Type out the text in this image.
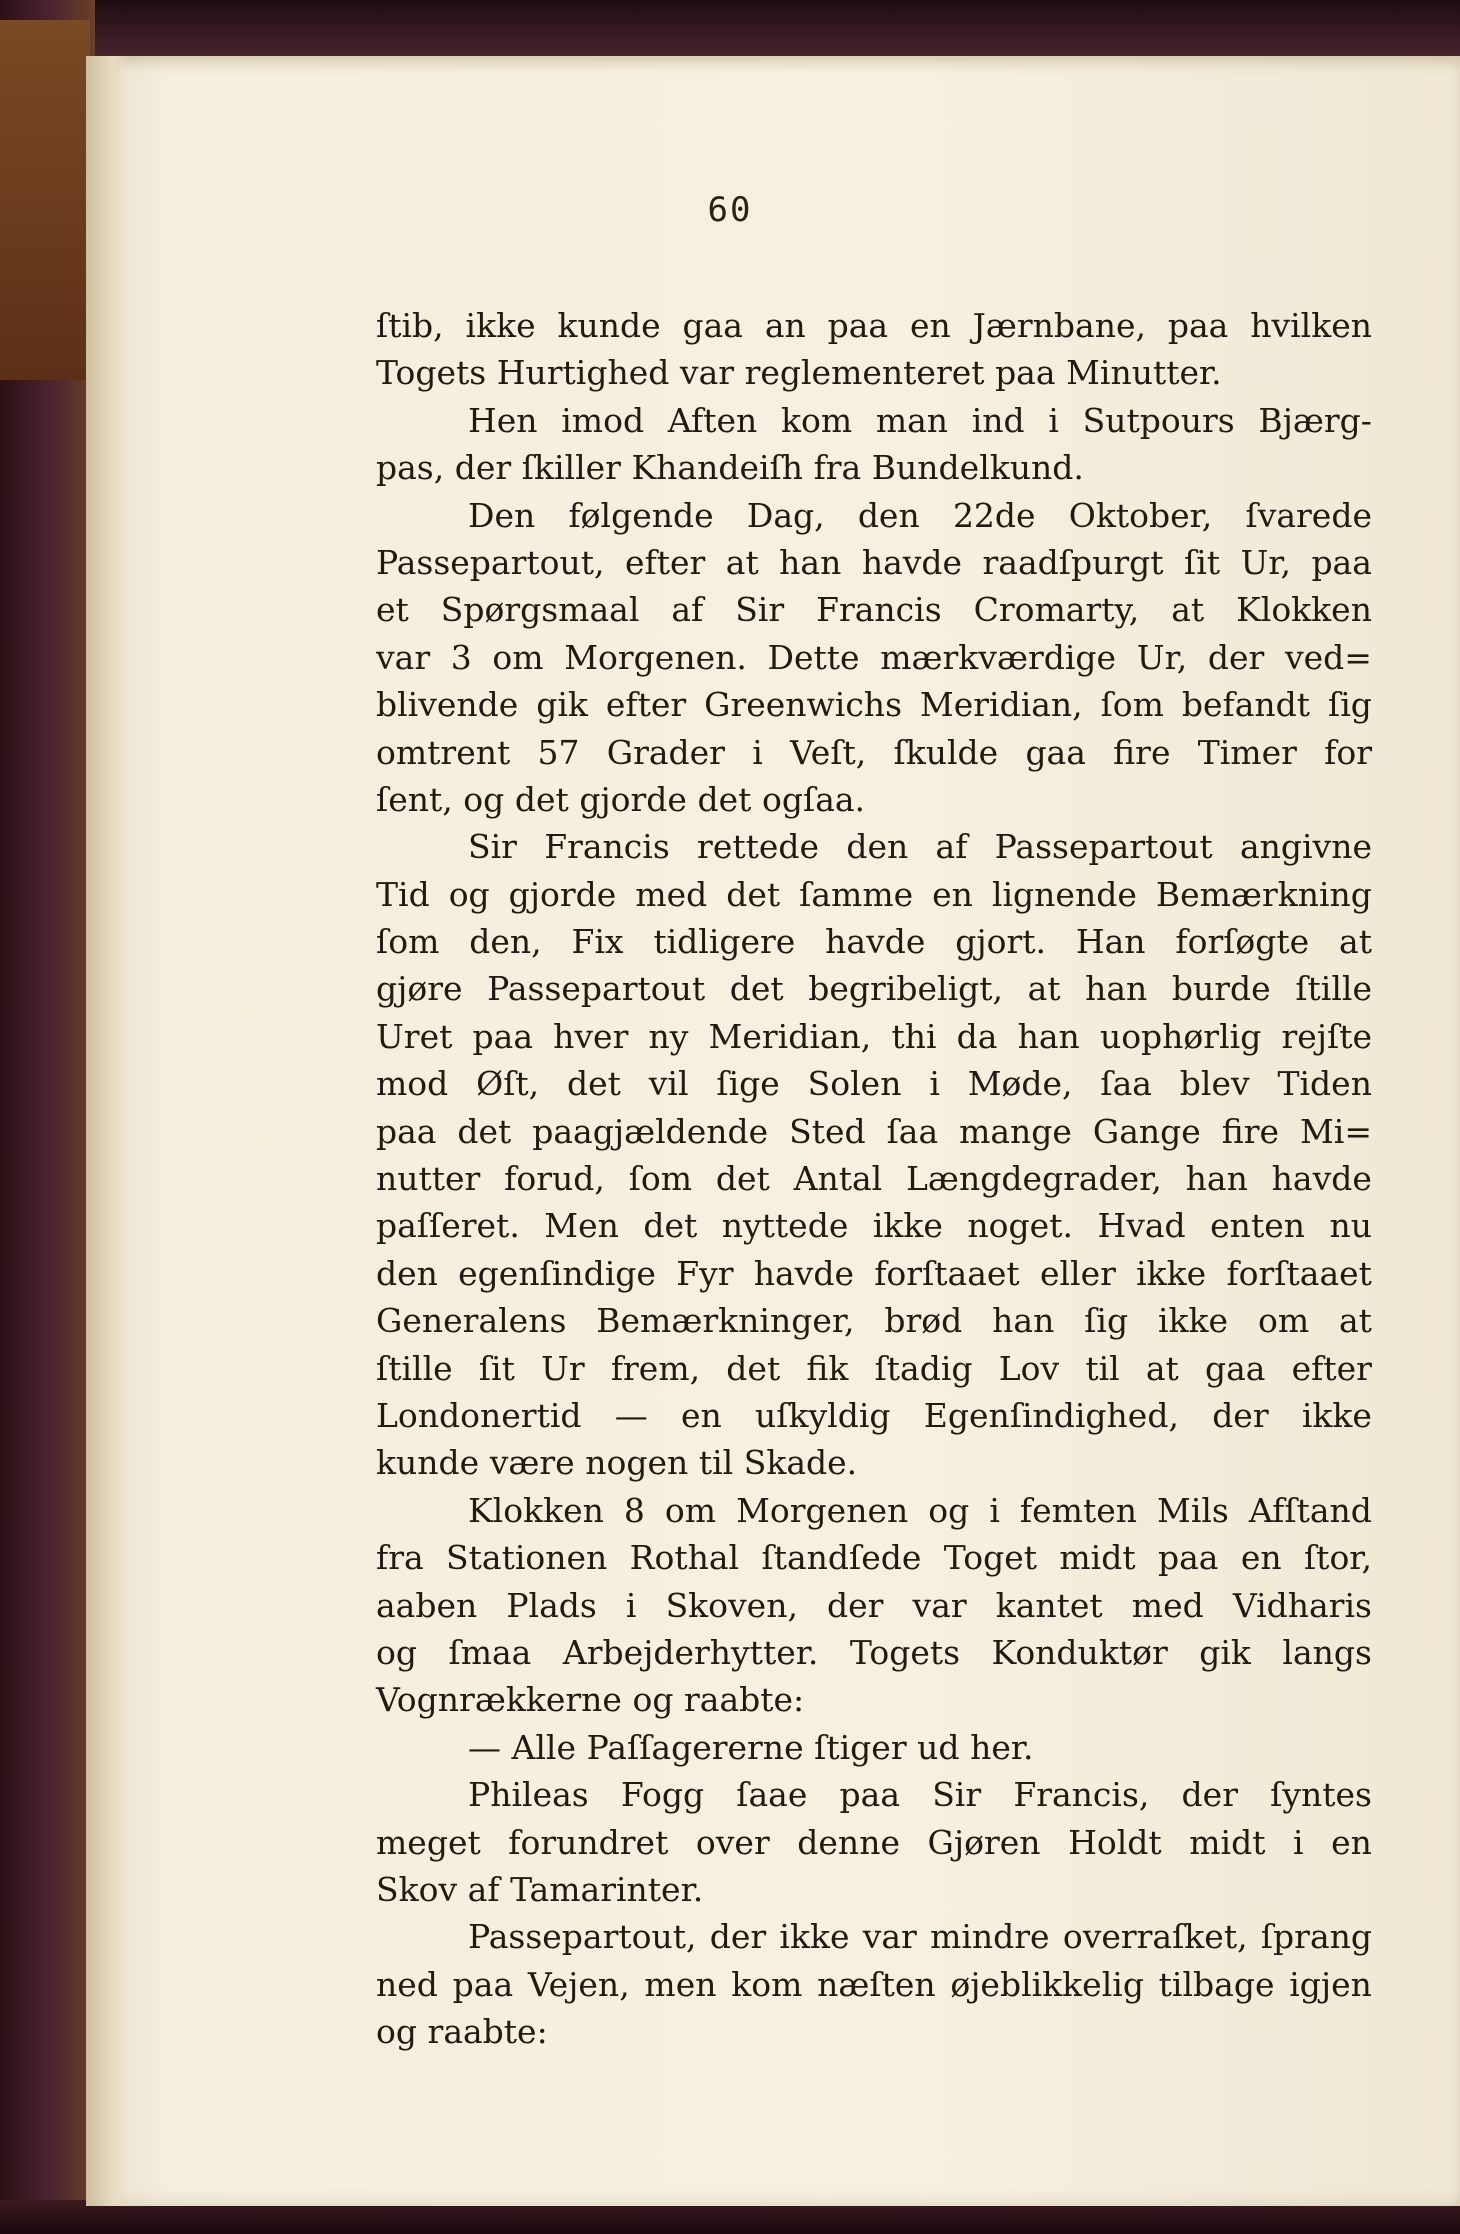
60
ſtib, ikke kunde gaa an paa en Jærnbane, paa hvilken
Togets Hurtighed var reglementeret paa Minutter.
Hen imod Aften kom man ind i Sutpours Bjærg-
pas, der ſkiller Khandeiſh fra Bundelkund.
Den følgende Dag, den 22de Oktober, ſvarede
Passepartout, efter at han havde raadſpurgt ſit Ur, paa
et Spørgsmaal af Sir Francis Cromarty, at Klokken
var 3 om Morgenen. Dette mærkværdige Ur, der ved=
blivende gik efter Greenwichs Meridian, ſom befandt ſig
omtrent 57 Grader i Veſt, ſkulde gaa fire Timer for
ſent, og det gjorde det ogſaa.
Sir Francis rettede den af Passepartout angivne
Tid og gjorde med det ſamme en lignende Bemærkning
ſom den, Fix tidligere havde gjort. Han forſøgte at
gjøre Passepartout det begribeligt, at han burde ſtille
Uret paa hver ny Meridian, thi da han uophørlig rejſte
mod Øſt, det vil ſige Solen i Møde, ſaa blev Tiden
paa det paagjældende Sted ſaa mange Gange fire Mi=
nutter forud, ſom det Antal Længdegrader, han havde
paſſeret. Men det nyttede ikke noget. Hvad enten nu
den egenſindige Fyr havde forſtaaet eller ikke forſtaaet
Generalens Bemærkninger, brød han ſig ikke om at
ſtille ſit Ur frem, det fik ſtadig Lov til at gaa efter
Londonertid — en uſkyldig Egenſindighed, der ikke
kunde være nogen til Skade.
Klokken 8 om Morgenen og i femten Mils Afſtand
fra Stationen Rothal ſtandſede Toget midt paa en ſtor,
aaben Plads i Skoven, der var kantet med Vidharis
og ſmaa Arbejderhytter. Togets Konduktør gik langs
Vognrækkerne og raabte:
— Alle Paſſagererne ſtiger ud her.
Phileas Fogg ſaae paa Sir Francis, der ſyntes
meget forundret over denne Gjøren Holdt midt i en
Skov af Tamarinter.
Passepartout, der ikke var mindre overraſket, ſprang
ned paa Vejen, men kom næſten øjeblikkelig tilbage igjen
og raabte:
